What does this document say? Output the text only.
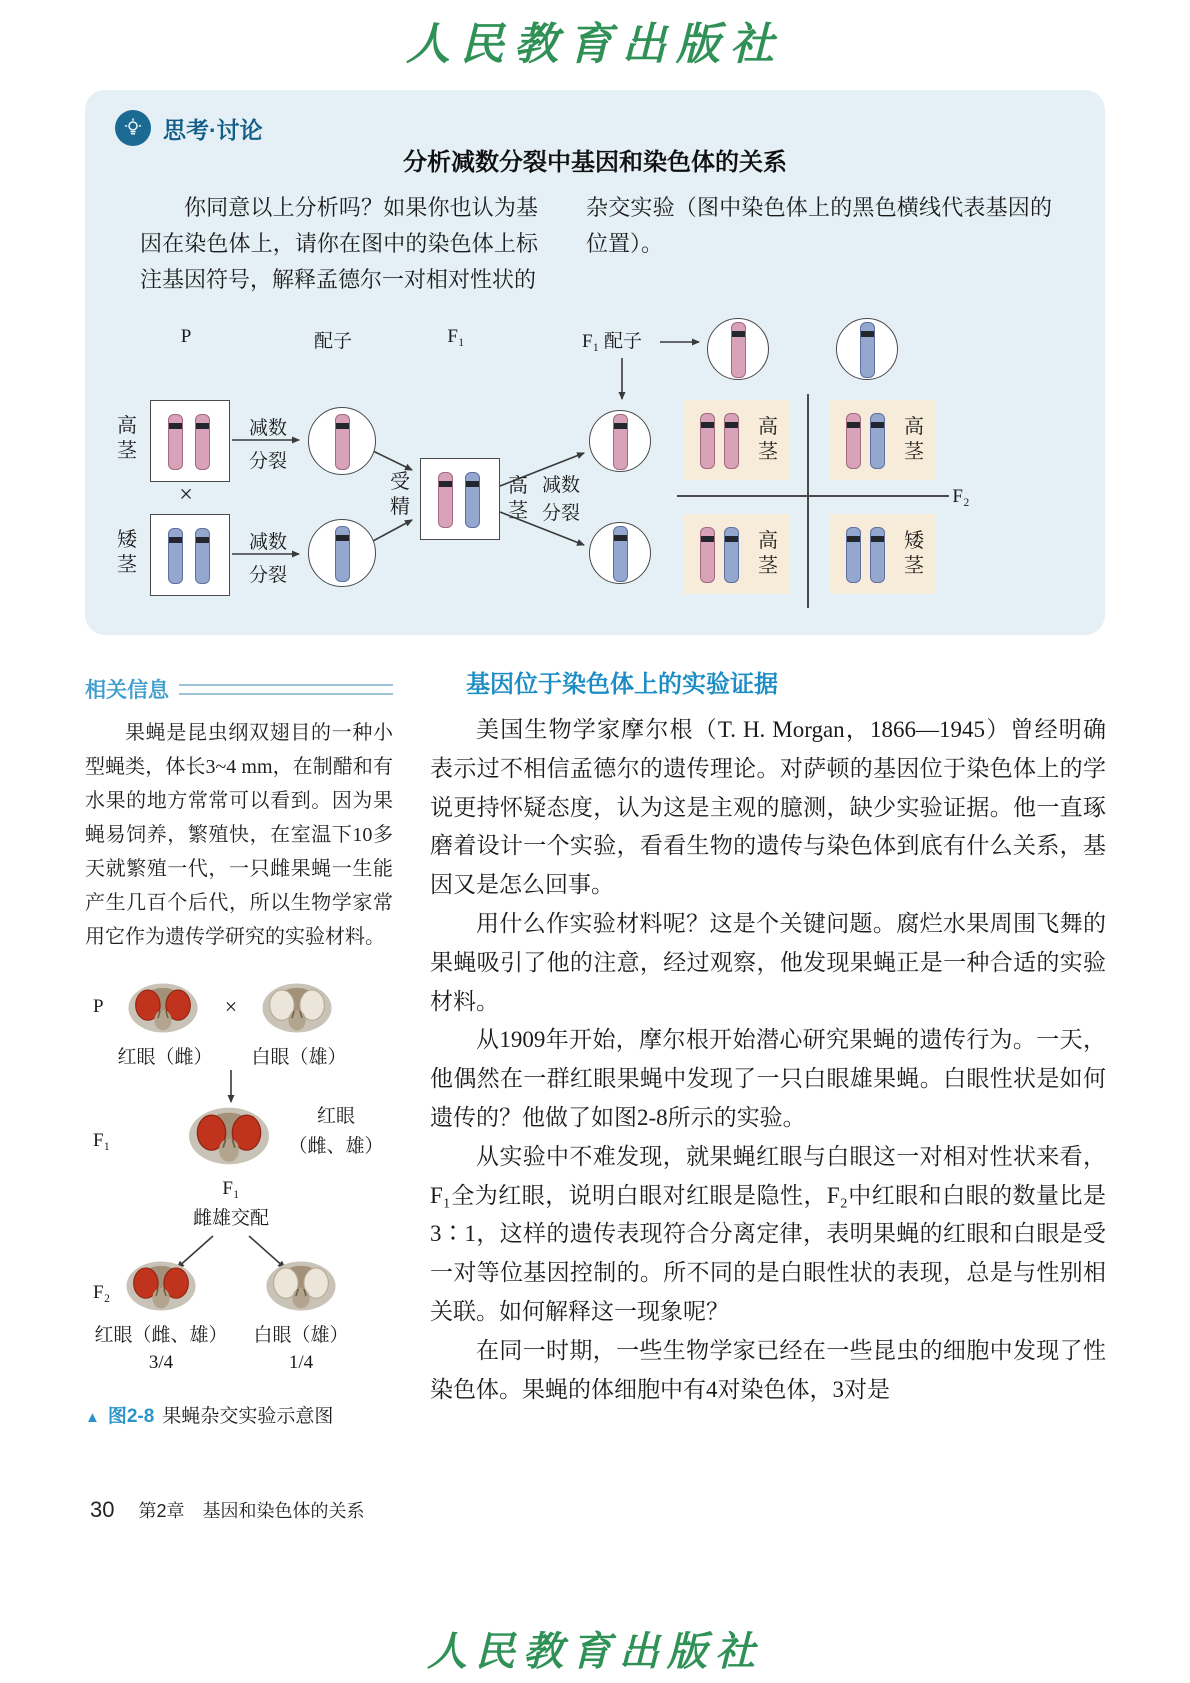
人民教育出版社
思考·讨论
分析减数分裂中基因和染色体的关系
你同意以上分析吗？如果你也认为基因在染色体上，请你在图中的染色体上标注基因符号，解释孟德尔一对相对性状的
杂交实验（图中染色体上的黑色横线代表基因的位置）。
P	配子	F₁	F₁ 配子
F₂
高茎
×
矮茎
减数
分裂
减数
分裂
受精
高茎
减数
分裂
高茎
高茎
高茎
矮茎
相关信息
果蝇是昆虫纲双翅目的一种小型蝇类，体长3~4 mm，在制醋和有水果的地方常常可以看到。因为果蝇易饲养，繁殖快，在室温下10多天就繁殖一代，一只雌果蝇一生能产生几百个后代，所以生物学家常用它作为遗传学研究的实验材料。
P	×
红眼（雌） 白眼（雄）
F₁
红眼
（雌、雄）
F₁
雌雄交配
F₂
红眼（雌、雄） 白眼（雄）
3/4	1/4
▲ 图2-8 果蝇杂交实验示意图
基因位于染色体上的实验证据

美国生物学家摩尔根（T. H. Morgan，1866—1945）曾经明确表示过不相信孟德尔的遗传理论。对萨顿的基因位于染色体上的学说更持怀疑态度，认为这是主观的臆测，缺少实验证据。他一直琢磨着设计一个实验，看看生物的遗传与染色体到底有什么关系，基因又是怎么回事。

用什么作实验材料呢？这是个关键问题。腐烂水果周围飞舞的果蝇吸引了他的注意，经过观察，他发现果蝇正是一种合适的实验材料。

从1909年开始，摩尔根开始潜心研究果蝇的遗传行为。一天，他偶然在一群红眼果蝇中发现了一只白眼雄果蝇。白眼性状是如何遗传的？他做了如图2-8所示的实验。

从实验中不难发现，就果蝇红眼与白眼这一对相对性状来看，F₁全为红眼，说明白眼对红眼是隐性，F₂中红眼和白眼的数量比是3∶1，这样的遗传表现符合分离定律，表明果蝇的红眼和白眼是受一对等位基因控制的。所不同的是白眼性状的表现，总是与性别相关联。如何解释这一现象呢？

在同一时期，一些生物学家已经在一些昆虫的细胞中发现了性染色体。果蝇的体细胞中有4对染色体，3对是

30 第2章　基因和染色体的关系
人民教育出版社
